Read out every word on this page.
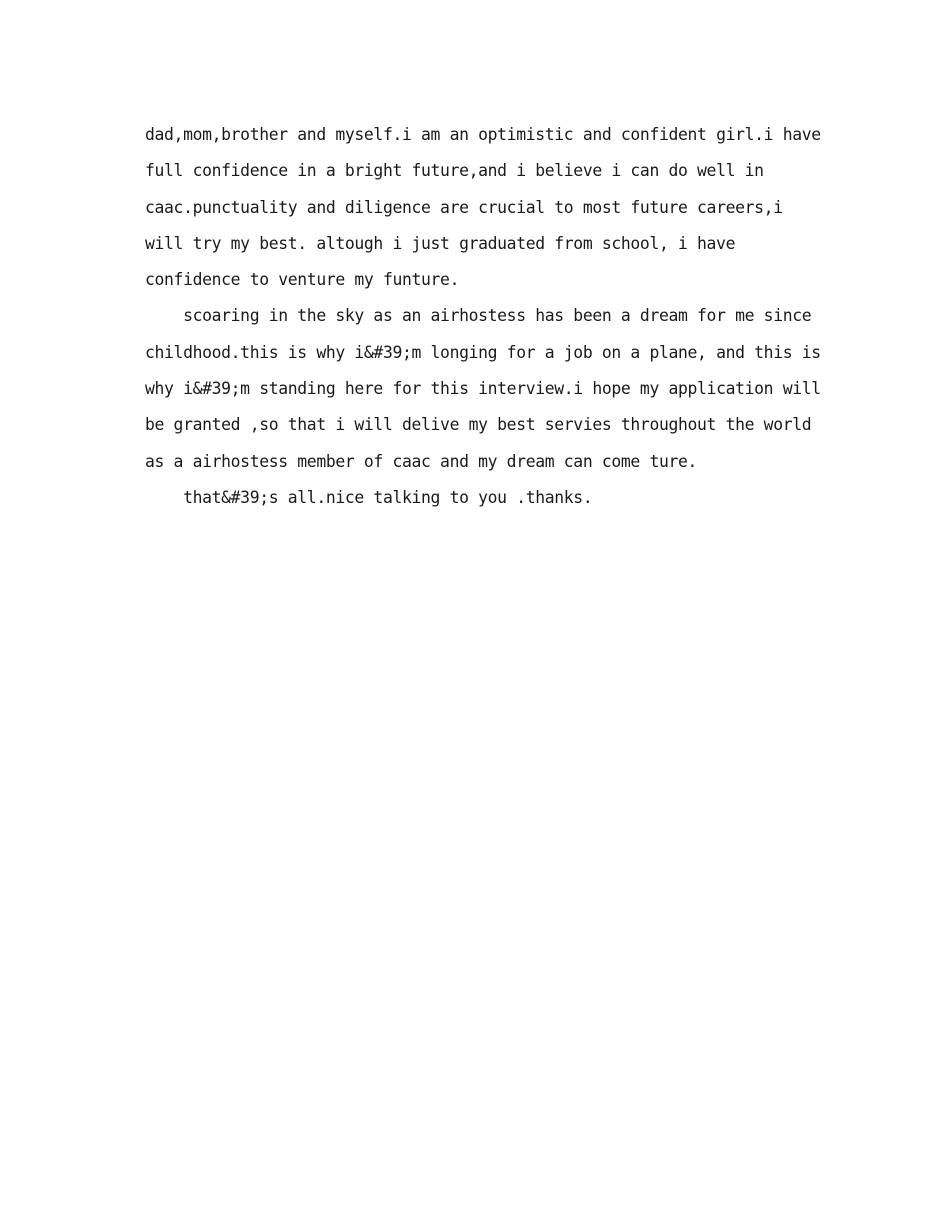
dad,mom,brother and myself.i am an optimistic and confident girl.i have
full confidence in a bright future,and i believe i can do well in
caac.punctuality and diligence are crucial to most future careers,i
will try my best. altough i just graduated from school, i have
confidence to venture my funture.
scoaring in the sky as an airhostess has been a dream for me since
childhood.this is why i&#39;m longing for a job on a plane, and this is
why i&#39;m standing here for this interview.i hope my application will
be granted ,so that i will delive my best servies throughout the world
as a airhostess member of caac and my dream can come ture.
that&#39;s all.nice talking to you .thanks.
